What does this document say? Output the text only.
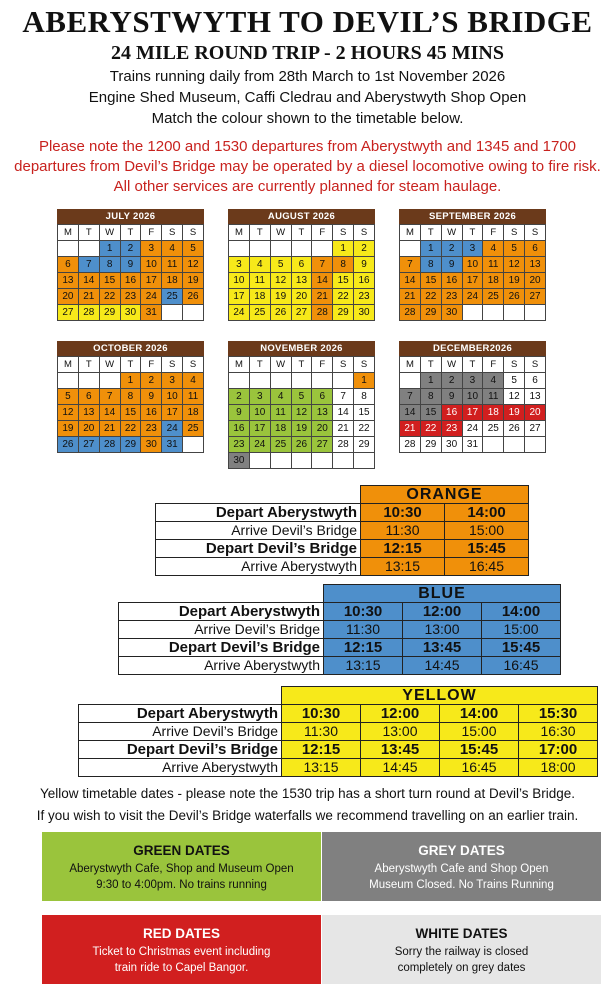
ABERYSTWYTH TO DEVIL’S BRIDGE
24 MILE ROUND TRIP - 2 HOURS 45 MINS
Trains running daily from 28th March to 1st November 2026
Engine Shed Museum, Caffi Cledrau and Aberystwyth Shop Open
Match the colour shown to the timetable below.
Please note the 1200 and 1530 departures from Aberystwyth and 1345 and 1700 departures from Devil’s Bridge may be operated by a diesel locomotive owing to fire risk. All other services are currently planned for steam haulage.
JULY 2026
M	T	W	T	F	S	S
		1	2	3	4	5
6	7	8	9	10	11	12
13	14	15	16	17	18	19
20	21	22	23	24	25	26
27	28	29	30	31		
AUGUST 2026
M	T	W	T	F	S	S
					1	2
3	4	5	6	7	8	9
10	11	12	13	14	15	16
17	18	19	20	21	22	23
24	25	26	27	28	29	30
SEPTEMBER 2026
M	T	W	T	F	S	S
	1	2	3	4	5	6
7	8	9	10	11	12	13
14	15	16	17	18	19	20
21	22	23	24	25	26	27
28	29	30				
OCTOBER 2026
M	T	W	T	F	S	S
			1	2	3	4
5	6	7	8	9	10	11
12	13	14	15	16	17	18
19	20	21	22	23	24	25
26	27	28	29	30	31	
NOVEMBER 2026
M	T	W	T	F	S	S
						1
2	3	4	5	6	7	8
9	10	11	12	13	14	15
16	17	18	19	20	21	22
23	24	25	26	27	28	29
30						
DECEMBER2026
M	T	W	T	F	S	S
	1	2	3	4	5	6
7	8	9	10	11	12	13
14	15	16	17	18	19	20
21	22	23	24	25	26	27
28	29	30	31			
	ORANGE	
Depart Aberystwyth	10:30	14:00
Arrive Devil’s Bridge	11:30	15:00
Depart Devil’s Bridge	12:15	15:45
Arrive Aberystwyth	13:15	16:45
	BLUE		
Depart Aberystwyth	10:30	12:00	14:00
Arrive Devil’s Bridge	11:30	13:00	15:00
Depart Devil’s Bridge	12:15	13:45	15:45
Arrive Aberystwyth	13:15	14:45	16:45
	YELLOW			
Depart Aberystwyth	10:30	12:00	14:00	15:30
Arrive Devil’s Bridge	11:30	13:00	15:00	16:30
Depart Devil’s Bridge	12:15	13:45	15:45	17:00
Arrive Aberystwyth	13:15	14:45	16:45	18:00
Yellow timetable dates - please note the 1530 trip has a short turn round at Devil’s Bridge.
If you wish to visit the Devil’s Bridge waterfalls we recommend travelling on an earlier train.
GREEN DATES
Aberystwyth Cafe, Shop and Museum Open
9:30 to 4:00pm. No trains running
GREY DATES
Aberystwyth Cafe and Shop Open
Museum Closed. No Trains Running
RED DATES
Ticket to Christmas event including
train ride to Capel Bangor.
WHITE DATES
Sorry the railway is closed
completely on grey dates
